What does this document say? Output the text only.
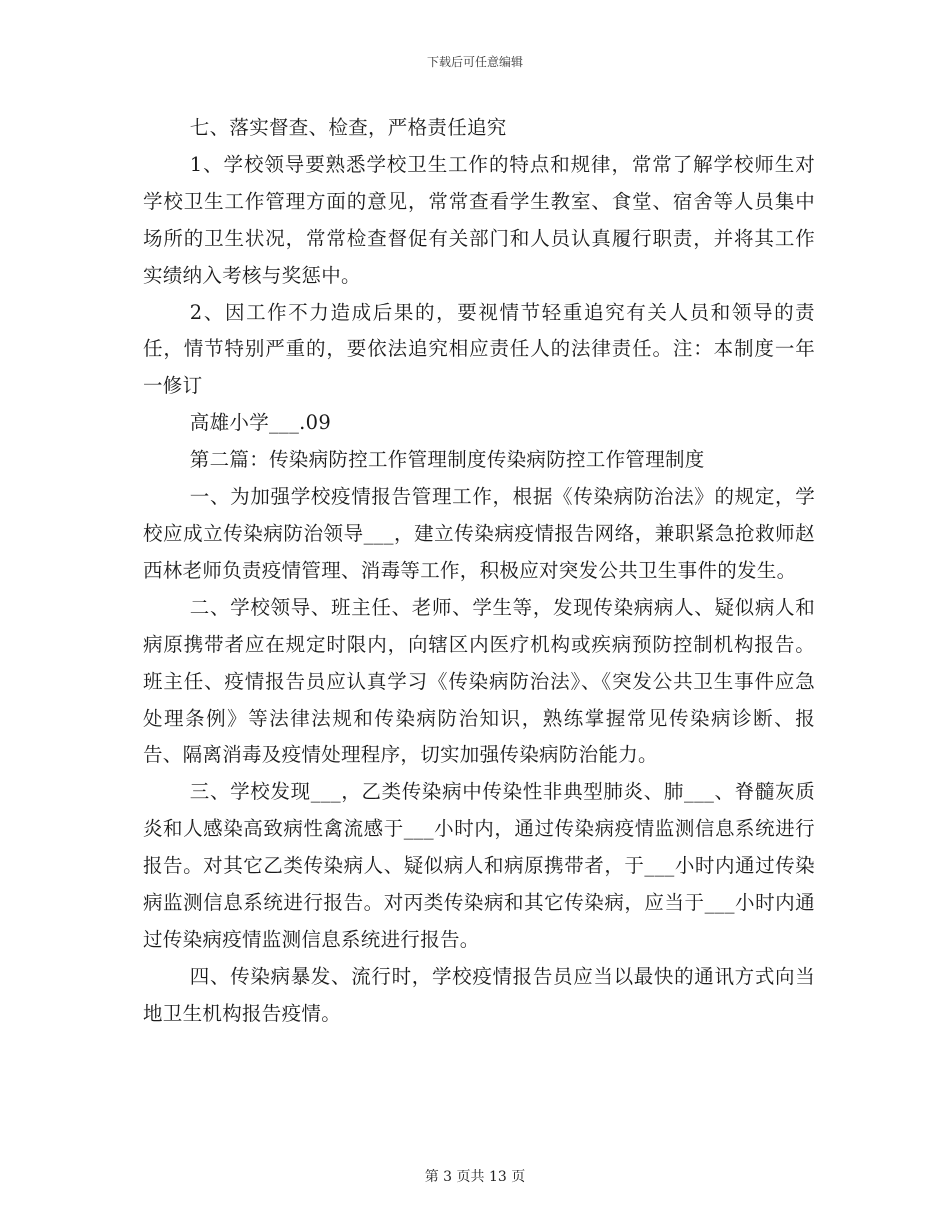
下载后可任意编辑

七、落实督查、检查，严格责任追究

1、学校领导要熟悉学校卫生工作的特点和规律，常常了解学校师生对学校卫生工作管理方面的意见，常常查看学生教室、食堂、宿舍等人员集中场所的卫生状况，常常检查督促有关部门和人员认真履行职责，并将其工作实绩纳入考核与奖惩中。

2、因工作不力造成后果的，要视情节轻重追究有关人员和领导的责任，情节特别严重的，要依法追究相应责任人的法律责任。注：本制度一年一修订

高雄小学___.09

第二篇：传染病防控工作管理制度传染病防控工作管理制度

一、为加强学校疫情报告管理工作，根据《传染病防治法》的规定，学校应成立传染病防治领导___，建立传染病疫情报告网络，兼职紧急抢救师赵西林老师负责疫情管理、消毒等工作，积极应对突发公共卫生事件的发生。

二、学校领导、班主任、老师、学生等，发现传染病病人、疑似病人和病原携带者应在规定时限内，向辖区内医疗机构或疾病预防控制机构报告。班主任、疫情报告员应认真学习《传染病防治法》、《突发公共卫生事件应急处理条例》等法律法规和传染病防治知识，熟练掌握常见传染病诊断、报告、隔离消毒及疫情处理程序，切实加强传染病防治能力。

三、学校发现___，乙类传染病中传染性非典型肺炎、肺___、脊髓灰质炎和人感染高致病性禽流感于___小时内，通过传染病疫情监测信息系统进行报告。对其它乙类传染病人、疑似病人和病原携带者，于___小时内通过传染病监测信息系统进行报告。对丙类传染病和其它传染病，应当于___小时内通过传染病疫情监测信息系统进行报告。

四、传染病暴发、流行时，学校疫情报告员应当以最快的通讯方式向当地卫生机构报告疫情。

第 3 页共 13 页
